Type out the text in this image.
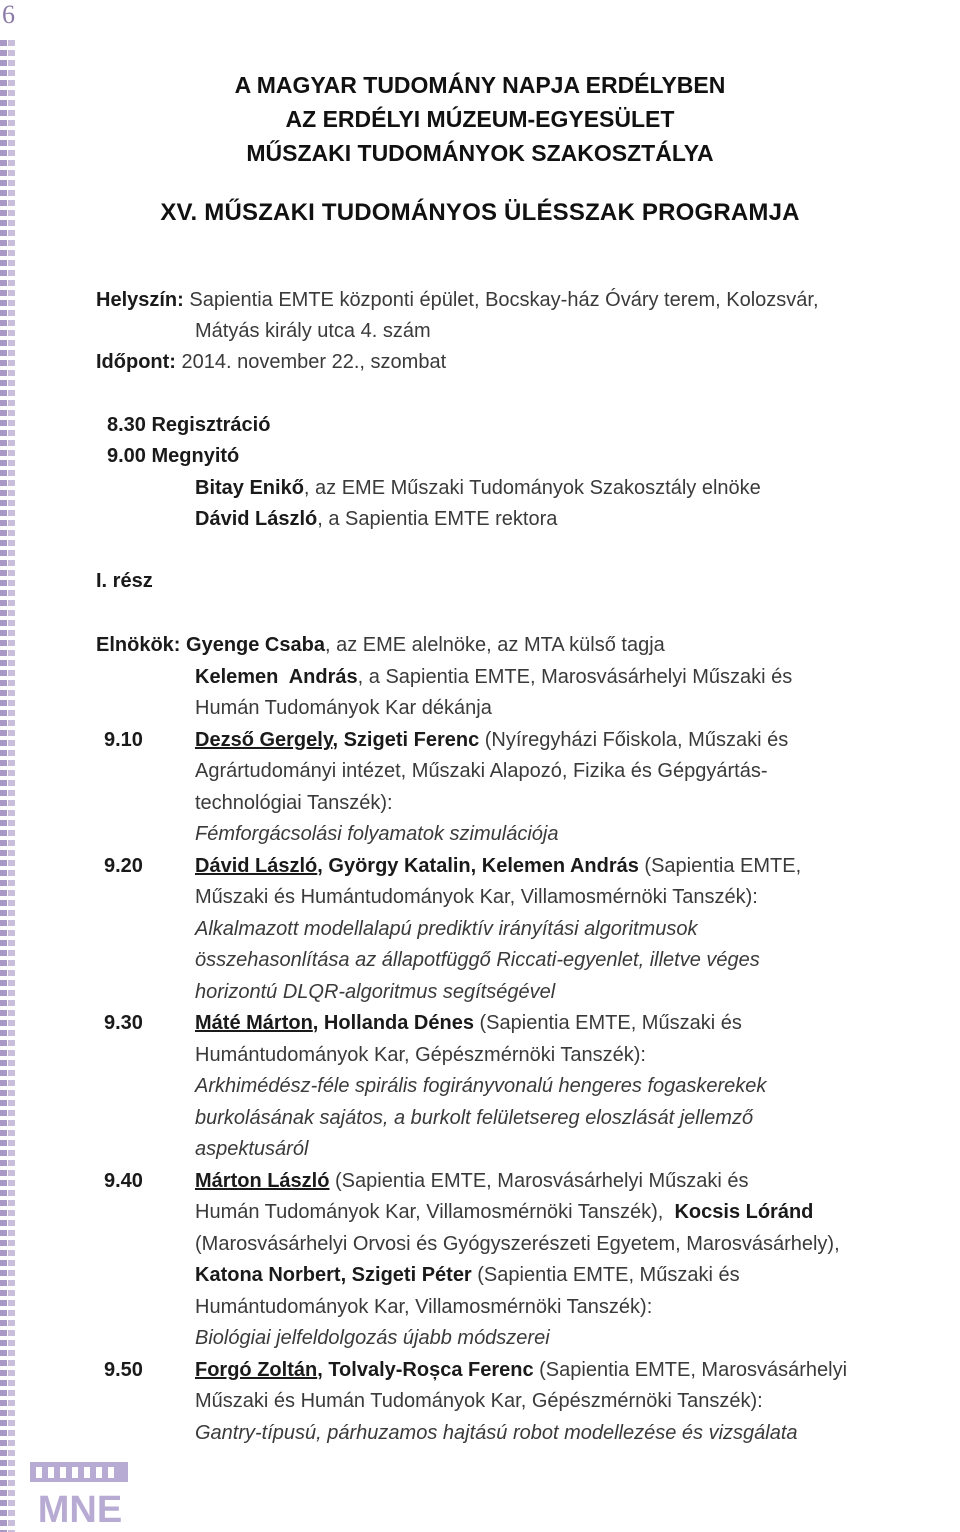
6
A MAGYAR TUDOMÁNY NAPJA ERDÉLYBEN
AZ ERDÉLYI MÚZEUM-EGYESÜLET
MŰSZAKI TUDOMÁNYOK SZAKOSZTÁLYA
XV. MŰSZAKI TUDOMÁNYOS ÜLÉSSZAK PROGRAMJA
Helyszín: Sapientia EMTE központi épület, Bocskay-ház Óváry terem, Kolozsvár,
Mátyás király utca 4. szám
Időpont: 2014. november 22., szombat
8.30 Regisztráció
9.00 Megnyitó
Bitay Enikő, az EME Műszaki Tudományok Szakosztály elnöke
Dávid László, a Sapientia EMTE rektora
I. rész
Elnökök: Gyenge Csaba, az EME alelnöke, az MTA külső tagja
Kelemen  András, a Sapientia EMTE, Marosvásárhelyi Műszaki és
Humán Tudományok Kar dékánja
9.10	Dezső Gergely, Szigeti Ferenc (Nyíregyházi Főiskola, Műszaki és
Agrártudományi intézet, Műszaki Alapozó, Fizika és Gépgyártás-
technológiai Tanszék):
Fémforgácsolási folyamatok szimulációja
9.20	Dávid László, György Katalin, Kelemen András (Sapientia EMTE,
Műszaki és Humántudományok Kar, Villamosmérnöki Tanszék):
Alkalmazott modellalapú prediktív irányítási algoritmusok
összehasonlítása az állapotfüggő Riccati-egyenlet, illetve véges
horizontú DLQR-algoritmus segítségével
9.30	Máté Márton, Hollanda Dénes (Sapientia EMTE, Műszaki és
Humántudományok Kar, Gépészmérnöki Tanszék):
Arkhimédész-féle spirális fogirányvonalú hengeres fogaskerekek
burkolásának sajátos, a burkolt felületsereg eloszlását jellemző
aspektusáról
9.40	Márton László (Sapientia EMTE, Marosvásárhelyi Műszaki és
Humán Tudományok Kar, Villamosmérnöki Tanszék),  Kocsis Lóránd
(Marosvásárhelyi Orvosi és Gyógyszerészeti Egyetem, Marosvásárhely),
Katona Norbert, Szigeti Péter (Sapientia EMTE, Műszaki és
Humántudományok Kar, Villamosmérnöki Tanszék):
Biológiai jelfeldolgozás újabb módszerei
9.50	Forgó Zoltán, Tolvaly-Roșca Ferenc (Sapientia EMTE, Marosvásárhelyi
Műszaki és Humán Tudományok Kar, Gépészmérnöki Tanszék):
Gantry-típusú, párhuzamos hajtású robot modellezése és vizsgálata
MNE
